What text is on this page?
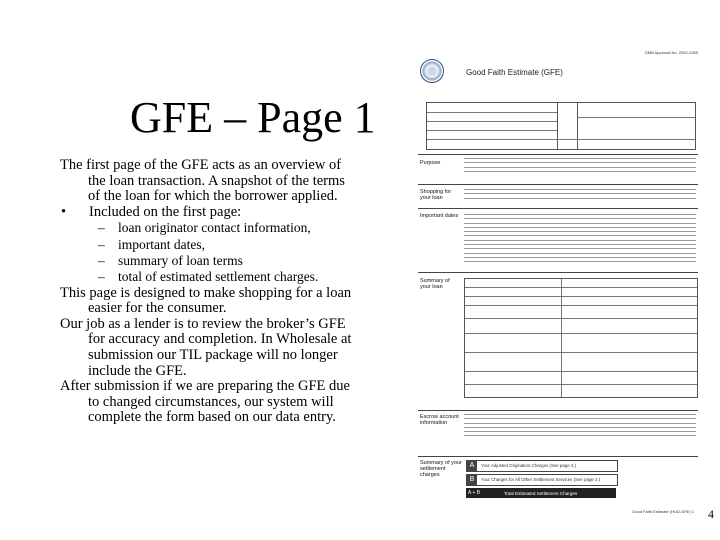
GFE – Page 1

The first page of the GFE acts as an overview of the loan transaction. A snapshot of the terms of the loan for which the borrower applied.

•	Included on the first page:
– loan originator contact information,
– important dates,
– summary of loan terms
– total of estimated settlement charges.

This page is designed to make shopping for a loan easier for the consumer.

Our job as a lender is to review the broker’s GFE for accuracy and completion. In Wholesale at submission our TIL package will no longer include the GFE.

After submission if we are preparing the GFE due to changed circumstances, our system will complete the form based on our data entry.

OMB Approval No. 2502-0265
Good Faith Estimate (GFE)
Purpose
Shopping for your loan
Important dates
Summary of your loan
Escrow account information
Summary of your settlement charges
A	Your Adjusted Origination Charges (See page 2.)
B	Your Charges for All Other Settlement Services (See page 2.)
A + B	Total Estimated Settlement Charges
Good Faith Estimate (HUD-GFE) 1 4
